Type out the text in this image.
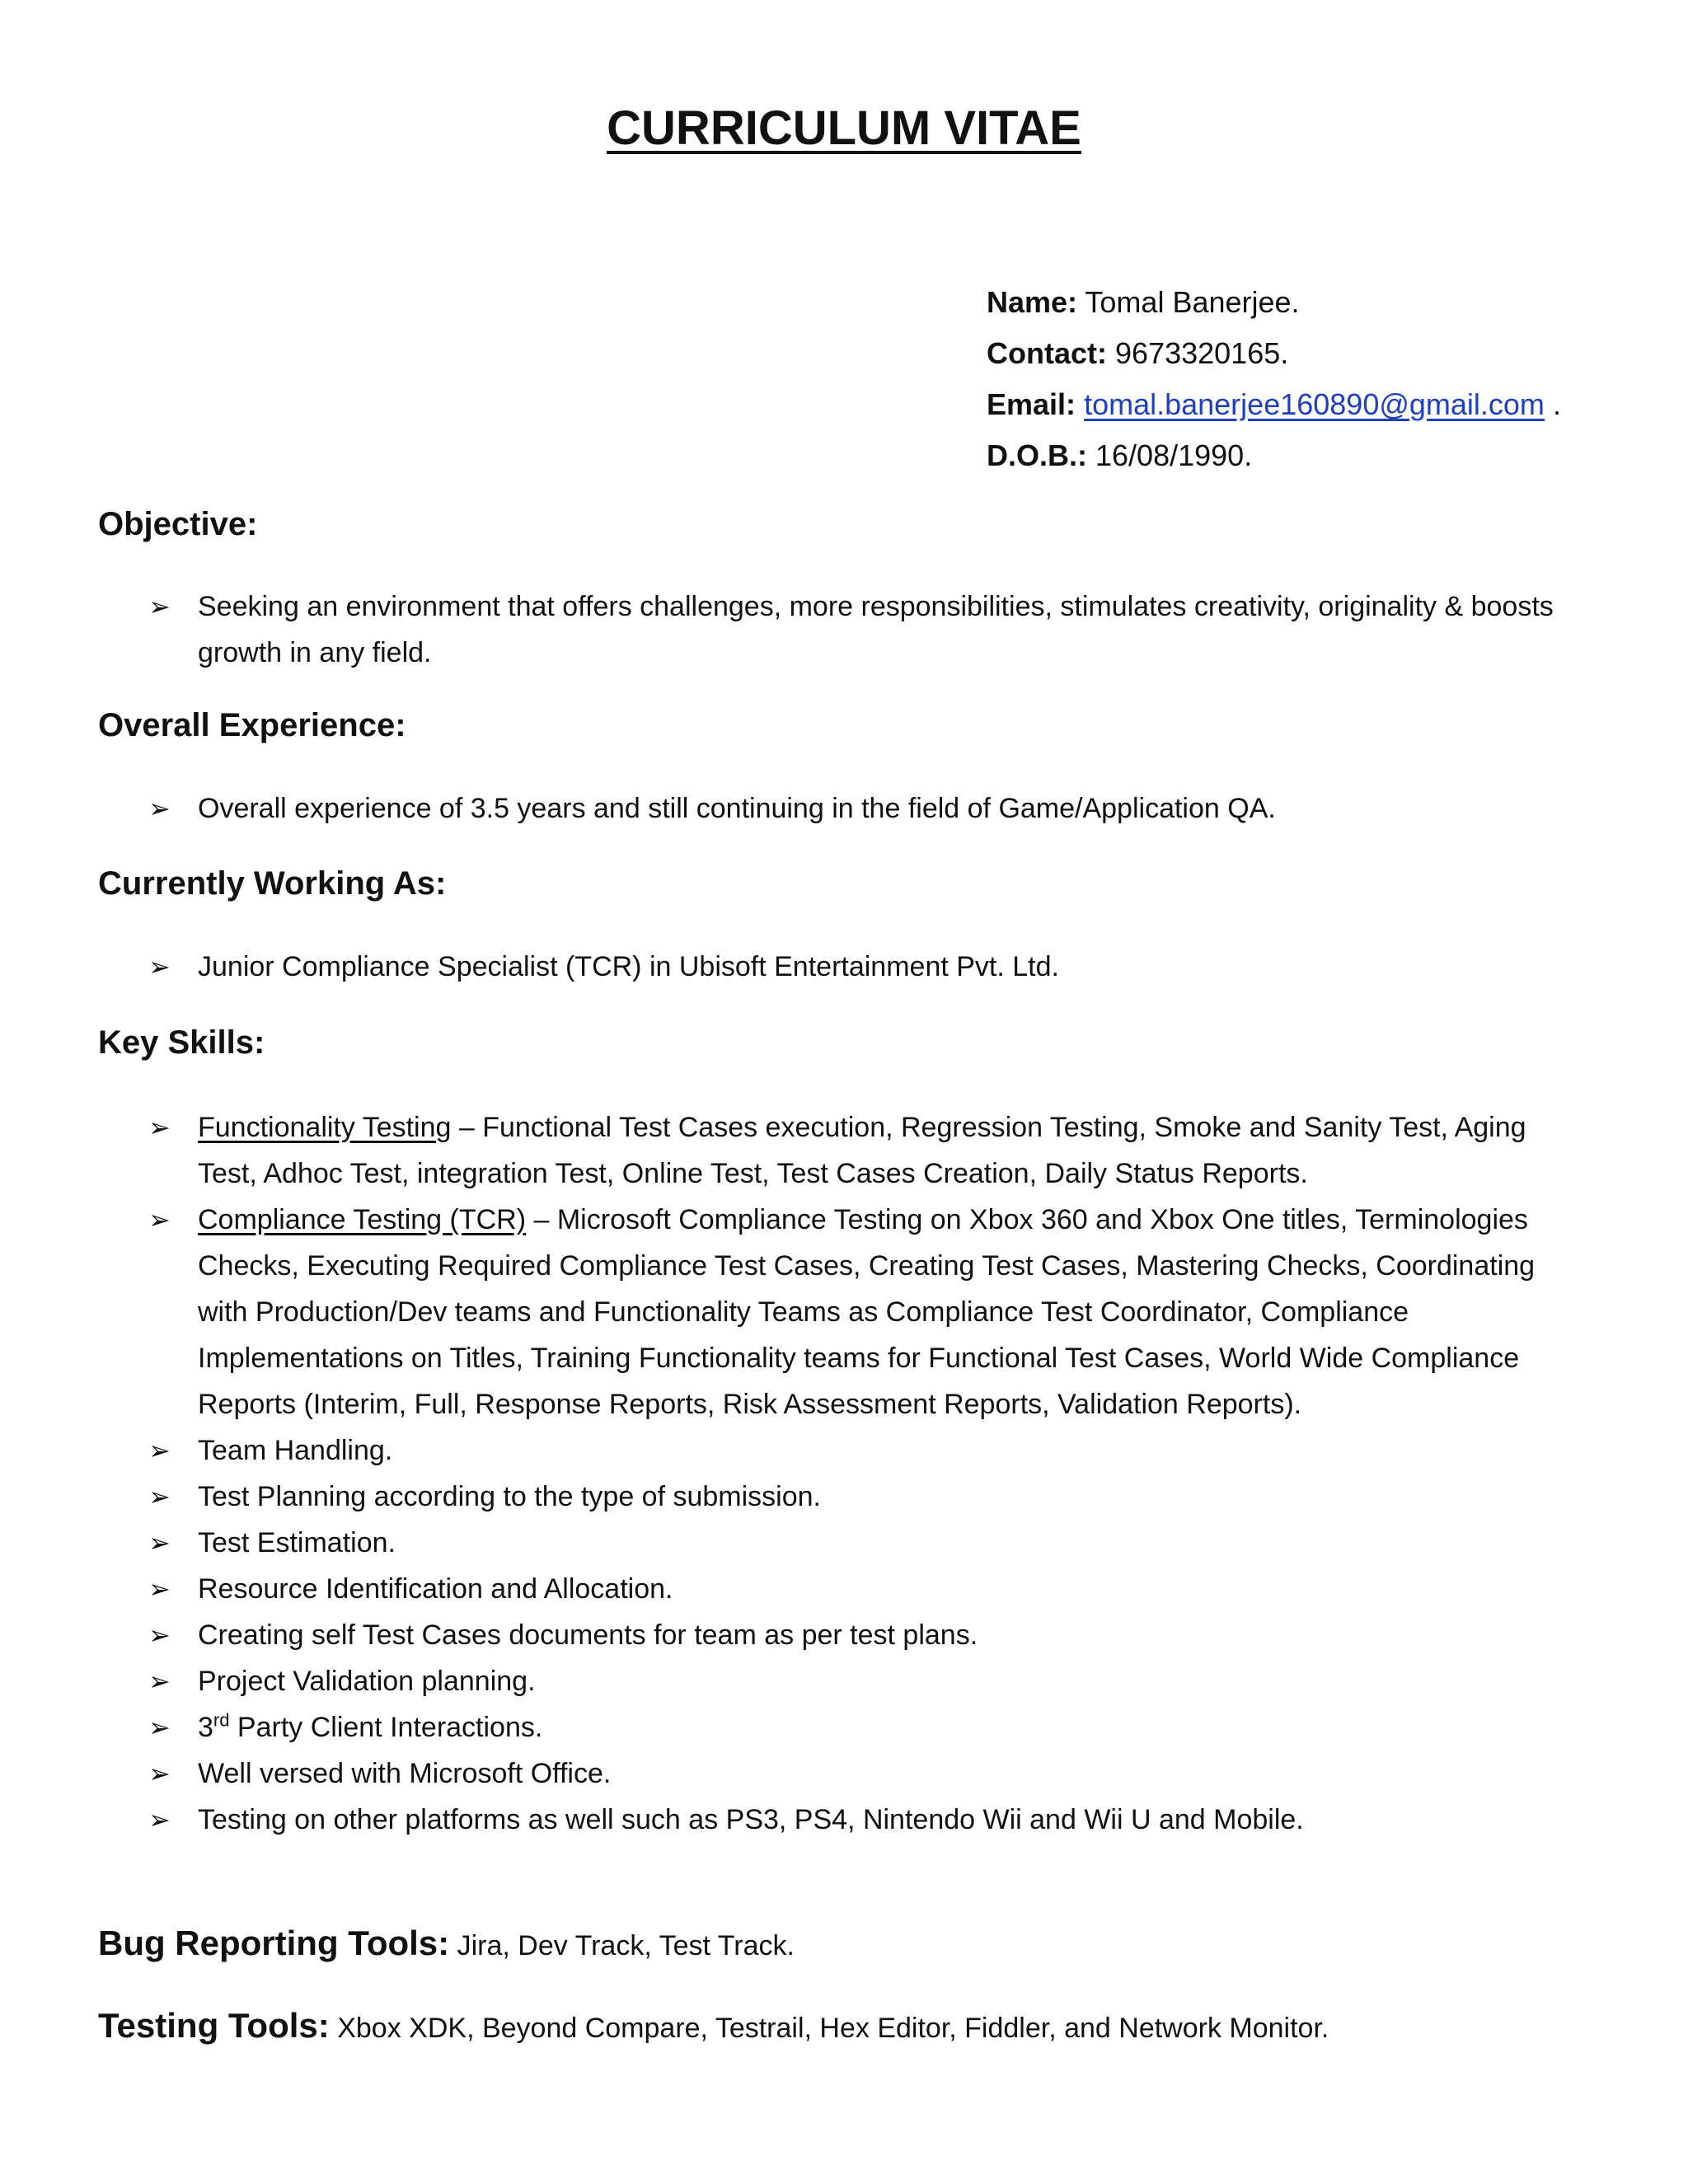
CURRICULUM VITAE
Name: Tomal Banerjee.
Contact: 9673320165.
Email: tomal.banerjee160890@gmail.com .
D.O.B.: 16/08/1990.
Objective:
➢ Seeking an environment that offers challenges, more responsibilities, stimulates creativity, originality & boosts growth in any field.
Overall Experience:
➢ Overall experience of 3.5 years and still continuing in the field of Game/Application QA.
Currently Working As:
➢ Junior Compliance Specialist (TCR) in Ubisoft Entertainment Pvt. Ltd.
Key Skills:
➢ Functionality Testing – Functional Test Cases execution, Regression Testing, Smoke and Sanity Test, Aging Test, Adhoc Test, integration Test, Online Test, Test Cases Creation, Daily Status Reports.
➢ Compliance Testing (TCR) – Microsoft Compliance Testing on Xbox 360 and Xbox One titles, Terminologies Checks, Executing Required Compliance Test Cases, Creating Test Cases, Mastering Checks, Coordinating with Production/Dev teams and Functionality Teams as Compliance Test Coordinator, Compliance Implementations on Titles, Training Functionality teams for Functional Test Cases, World Wide Compliance Reports (Interim, Full, Response Reports, Risk Assessment Reports, Validation Reports).
➢ Team Handling.
➢ Test Planning according to the type of submission.
➢ Test Estimation.
➢ Resource Identification and Allocation.
➢ Creating self Test Cases documents for team as per test plans.
➢ Project Validation planning.
➢ 3rd Party Client Interactions.
➢ Well versed with Microsoft Office.
➢ Testing on other platforms as well such as PS3, PS4, Nintendo Wii and Wii U and Mobile.
Bug Reporting Tools: Jira, Dev Track, Test Track.
Testing Tools: Xbox XDK, Beyond Compare, Testrail, Hex Editor, Fiddler, and Network Monitor.
